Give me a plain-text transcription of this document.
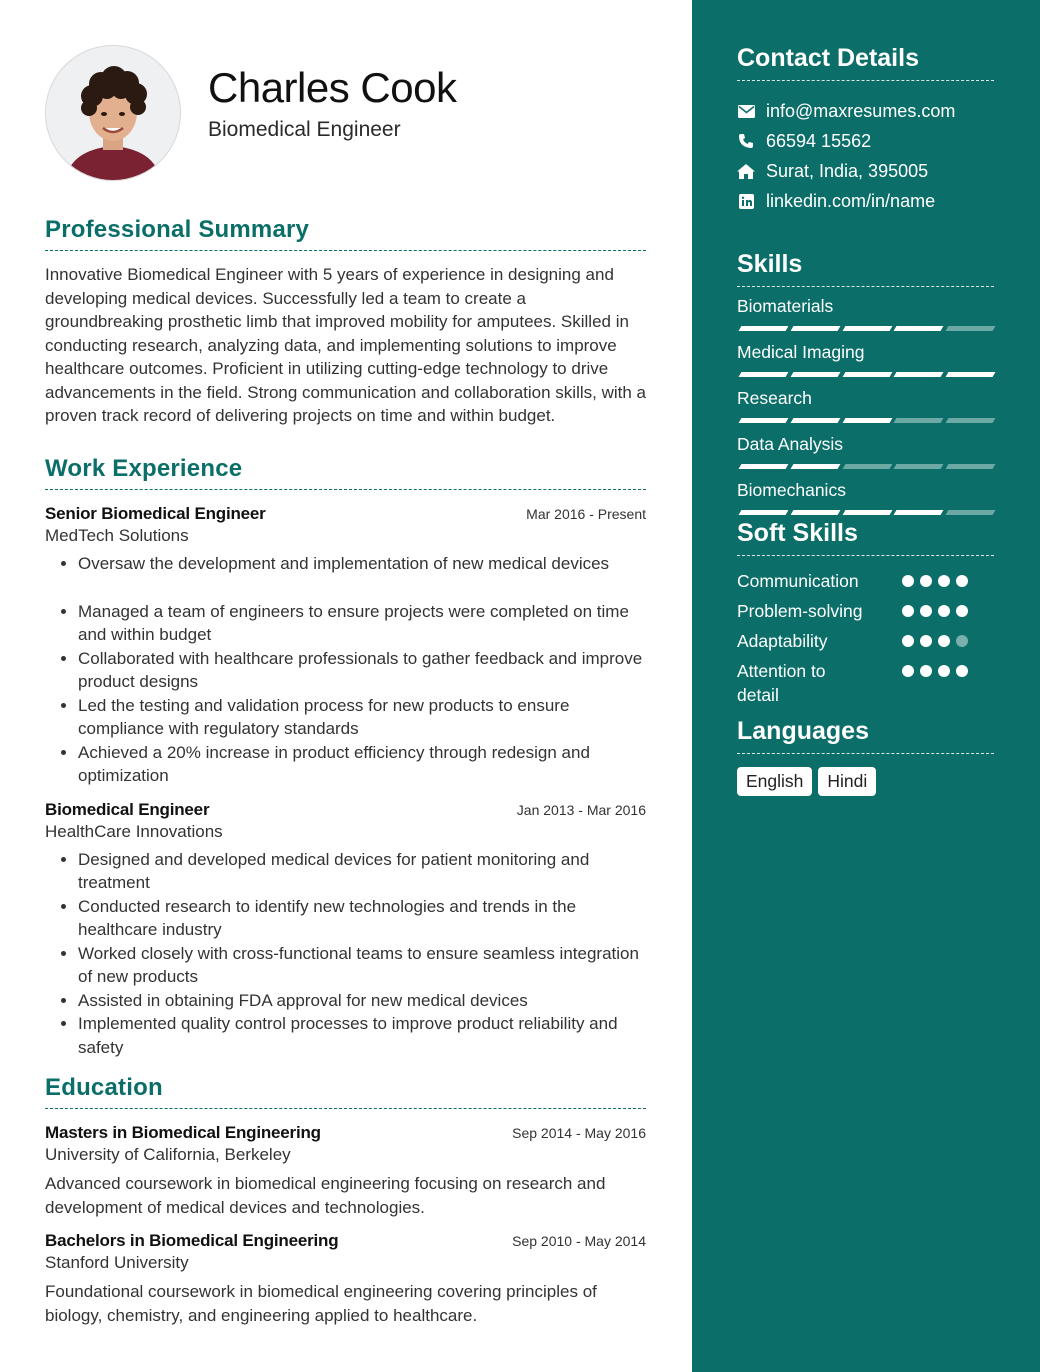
Charles Cook
Biomedical Engineer
Professional Summary

Innovative Biomedical Engineer with 5 years of experience in designing and developing medical devices. Successfully led a team to create a groundbreaking prosthetic limb that improved mobility for amputees. Skilled in conducting research, analyzing data, and implementing solutions to improve healthcare outcomes. Proficient in utilizing cutting-edge technology to drive advancements in the field. Strong communication and collaboration skills, with a proven track record of delivering projects on time and within budget.

Work Experience
Senior Biomedical Engineer	Mar 2016 - Present
MedTech Solutions
• Oversaw the development and implementation of new medical devices
• Managed a team of engineers to ensure projects were completed on time and within budget
• Collaborated with healthcare professionals to gather feedback and improve product designs
• Led the testing and validation process for new products to ensure compliance with regulatory standards
• Achieved a 20% increase in product efficiency through redesign and optimization
Biomedical Engineer	Jan 2013 - Mar 2016
HealthCare Innovations
• Designed and developed medical devices for patient monitoring and treatment
• Conducted research to identify new technologies and trends in the healthcare industry
• Worked closely with cross-functional teams to ensure seamless integration of new products
• Assisted in obtaining FDA approval for new medical devices
• Implemented quality control processes to improve product reliability and safety
Education
Masters in Biomedical Engineering	Sep 2014 - May 2016
University of California, Berkeley

Advanced coursework in biomedical engineering focusing on research and development of medical devices and technologies.

Bachelors in Biomedical Engineering	Sep 2010 - May 2014
Stanford University

Foundational coursework in biomedical engineering covering principles of biology, chemistry, and engineering applied to healthcare.

Contact Details
info@maxresumes.com
66594 15562
Surat, India, 395005
linkedin.com/in/name
Skills
Biomaterials
Medical Imaging
Research
Data Analysis
Biomechanics
Soft Skills
Communication
Problem-solving
Adaptability
Attention to detail
Languages
English	Hindi
